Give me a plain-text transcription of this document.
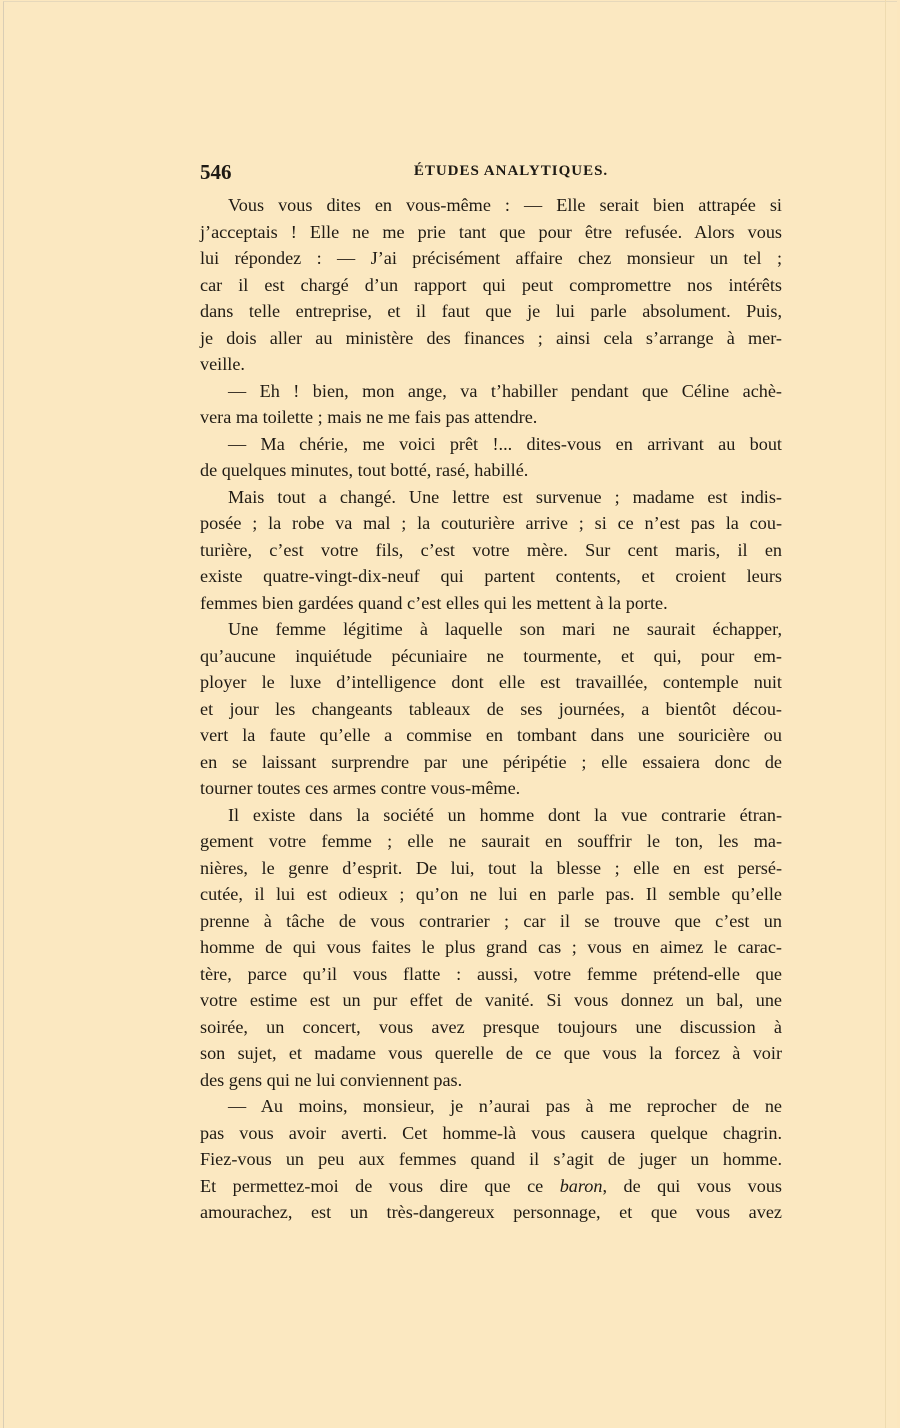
546	ÉTUDES ANALYTIQUES.
Vous vous dites en vous-même : — Elle serait bien attrapée si
j’acceptais ! Elle ne me prie tant que pour être refusée. Alors vous
lui répondez : — J’ai précisément affaire chez monsieur un tel ;
car il est chargé d’un rapport qui peut compromettre nos intérêts
dans telle entreprise, et il faut que je lui parle absolument. Puis,
je dois aller au ministère des finances ; ainsi cela s’arrange à mer-
veille.
— Eh ! bien, mon ange, va t’habiller pendant que Céline achè-
vera ma toilette ; mais ne me fais pas attendre.
— Ma chérie, me voici prêt !... dites-vous en arrivant au bout
de quelques minutes, tout botté, rasé, habillé.
Mais tout a changé. Une lettre est survenue ; madame est indis-
posée ; la robe va mal ; la couturière arrive ; si ce n’est pas la cou-
turière, c’est votre fils, c’est votre mère. Sur cent maris, il en
existe quatre-vingt-dix-neuf qui partent contents, et croient leurs
femmes bien gardées quand c’est elles qui les mettent à la porte.
Une femme légitime à laquelle son mari ne saurait échapper,
qu’aucune inquiétude pécuniaire ne tourmente, et qui, pour em-
ployer le luxe d’intelligence dont elle est travaillée, contemple nuit
et jour les changeants tableaux de ses journées, a bientôt décou-
vert la faute qu’elle a commise en tombant dans une souricière ou
en se laissant surprendre par une péripétie ; elle essaiera donc de
tourner toutes ces armes contre vous-même.
Il existe dans la société un homme dont la vue contrarie étran-
gement votre femme ; elle ne saurait en souffrir le ton, les ma-
nières, le genre d’esprit. De lui, tout la blesse ; elle en est persé-
cutée, il lui est odieux ; qu’on ne lui en parle pas. Il semble qu’elle
prenne à tâche de vous contrarier ; car il se trouve que c’est un
homme de qui vous faites le plus grand cas ; vous en aimez le carac-
tère, parce qu’il vous flatte : aussi, votre femme prétend-elle que
votre estime est un pur effet de vanité. Si vous donnez un bal, une
soirée, un concert, vous avez presque toujours une discussion à
son sujet, et madame vous querelle de ce que vous la forcez à voir
des gens qui ne lui conviennent pas.
— Au moins, monsieur, je n’aurai pas à me reprocher de ne
pas vous avoir averti. Cet homme-là vous causera quelque chagrin.
Fiez-vous un peu aux femmes quand il s’agit de juger un homme.
Et permettez-moi de vous dire que ce baron, de qui vous vous
amourachez, est un très-dangereux personnage, et que vous avez
